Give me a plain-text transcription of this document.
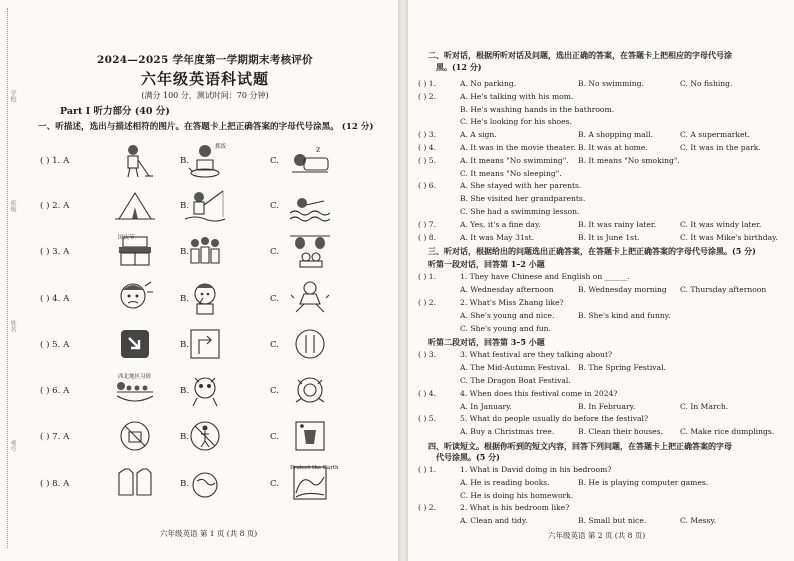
学校
班级
姓名
考号
2024—2025 学年度第一学期期末考核评价
六年级英语科试题
(满分 100 分，测试时间：70 分钟)
Part Ⅰ 听力部分 (40 分)
一、听描述，选出与描述相符的图片。在答题卡上把正确答案的字母代号涂黑。 (12 分)
( ) 1. A	B.	C.
z
抓饭
( ) 2. A	B.	C.
( ) 3. A	B.	C.
国庆节
( ) 4. A	B.	C.
( ) 5. A	B.	C.
( ) 6. A	B.	C.
西北地区习俗
( ) 7. A	B.	C.
( ) 8. A	B.	C.
Protect the Earth
六年级英语 第 1 页 (共 8 页)
二、听对话，根据所听对话及问题，选出正确的答案，在答题卡上把相应的字母代号涂
黑。(12 分)
( ) 1.	A. No parking.	B. No swimming.	C. No fishing.
( ) 2.	A. He's talking with his mom.
B. He's washing hands in the bathroom.
C. He's looking for his shoes.
( ) 3.	A. A sign.	B. A shopping mall.	C. A supermarket.
( ) 4.	A. It was in the movie theater. B. It was at home.	C. It was in the park.
( ) 5.	A. It means "No swimming". B. It means "No smoking".
C. It means "No sleeping".
( ) 6.	A. She stayed with her parents.
B. She visited her grandparents.
C. She had a swimming lesson.
( ) 7.	A. Yes, it's a fine day.	B. It was rainy later.	C. It was windy later.
( ) 8.	A. It was May 31st.	B. It is June 1st.	C. It was Mike's birthday.
三、听对话，根据给出的问题选出正确答案，在答题卡上把正确答案的字母代号涂黑。(5 分)
听第一段对话，回答第 1–2 小题
( ) 1.	1. They have Chinese and English on ______.
A. Wednesday afternoon	B. Wednesday morning C. Thursday afternoon
( ) 2.	2. What's Miss Zhang like?
A. She's young and nice.	B. She's kind and funny.
C. She's young and fun.
听第二段对话，回答第 3–5 小题
( ) 3.	3. What festival are they talking about?
A. The Mid-Autumn Festival. B. The Spring Festival.
C. The Dragon Boat Festival.
( ) 4.	4. When does this festival come in 2024?
A. In January.	B. In February.	C. In March.
( ) 5.	5. What do people usually do before the festival?
A. Buy a Christmas tree.	B. Clean their houses. C. Make rice dumplings.
四、听读短文。根据你听到的短文内容，回答下列问题，在答题卡上把正确答案的字母
代号涂黑。(5 分)
( ) 1.	1. What is David doing in his bedroom?
A. He is reading books.	B. He is playing computer games.
C. He is doing his homework.
( ) 2.	2. What is his bedroom like?
A. Clean and tidy.	B. Small but nice.	C. Messy.
六年级英语 第 2 页 (共 8 页)
